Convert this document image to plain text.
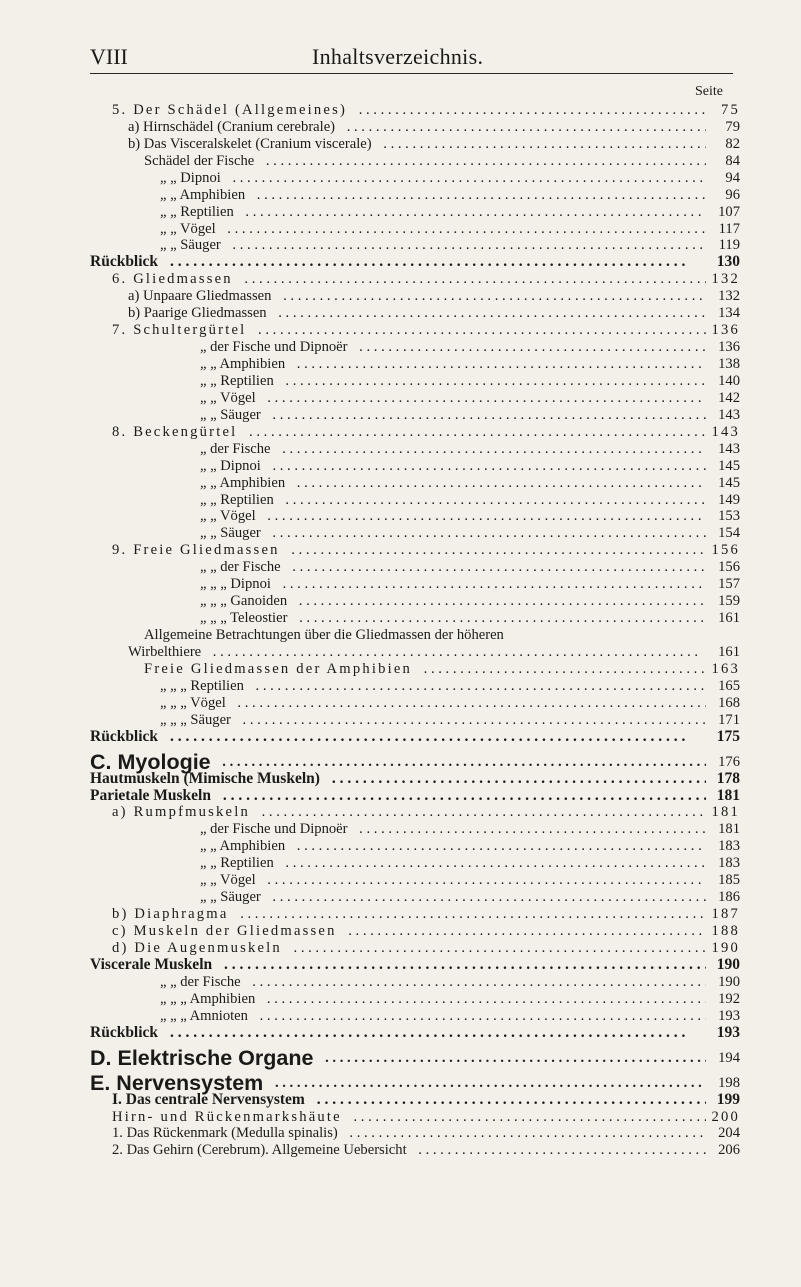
VIII	Inhaltsverzeichnis.
Seite
5. Der Schädel (Allgemeines) . . .	75
a) Hirnschädel (Cranium cerebrale) . . .	79
b) Das Visceralskelet (Cranium viscerale) . . .	82
Schädel der Fische . . .	84
„ „ Dipnoi . . .	94
„ „ Amphibien . . .	96
„ „ Reptilien . . .	107
„ „ Vögel . . .	117
„ „ Säuger . . .	119
Rückblick . . .	130
6. Gliedmassen . . .	132
a) Unpaare Gliedmassen . . .	132
b) Paarige Gliedmassen . . .	134
7. Schultergürtel . . .	136
„ der Fische und Dipnoër . . .	136
„ „ Amphibien . . .	138
„ „ Reptilien . . .	140
„ „ Vögel . . .	142
„ „ Säuger . . .	143
8. Beckengürtel . . .	143
„ der Fische . . .	143
„ „ Dipnoi . . .	145
„ „ Amphibien . . .	145
„ „ Reptilien . . .	149
„ „ Vögel . . .	153
„ „ Säuger . . .	154
9. Freie Gliedmassen . . .	156
„ „ der Fische . . .	156
„ „ „ Dipnoi . . .	157
„ „ „ Ganoiden . . .	159
„ „ „ Teleostier . . .	161
Allgemeine Betrachtungen über die Gliedmassen der höheren
Wirbelthiere . . .	161
Freie Gliedmassen der Amphibien . . .	163
„ „ „ Reptilien . . .	165
„ „ „ Vögel . . .	168
„ „ „ Säuger . . .	171
Rückblick . . .	175
C. Myologie . . .	176
Hautmuskeln (Mimische Muskeln) . . .	178
Parietale Muskeln . . .	181
a) Rumpfmuskeln . . .	181
„ der Fische und Dipnoër . . .	181
„ „ Amphibien . . .	183
„ „ Reptilien . . .	183
„ „ Vögel . . .	185
„ „ Säuger . . .	186
b) Diaphragma . . .	187
c) Muskeln der Gliedmassen . . .	188
d) Die Augenmuskeln . . .	190
Viscerale Muskeln . . .	190
„ „ der Fische . . .	190
„ „ „ Amphibien . . .	192
„ „ „ Amnioten . . .	193
Rückblick . . .	193
D. Elektrische Organe . . .	194
E. Nervensystem . . .	198
I. Das centrale Nervensystem . . .	199
Hirn- und Rückenmarkshäute . . .	200
1. Das Rückenmark (Medulla spinalis) . . .	204
2. Das Gehirn (Cerebrum). Allgemeine Uebersicht . . .	206
